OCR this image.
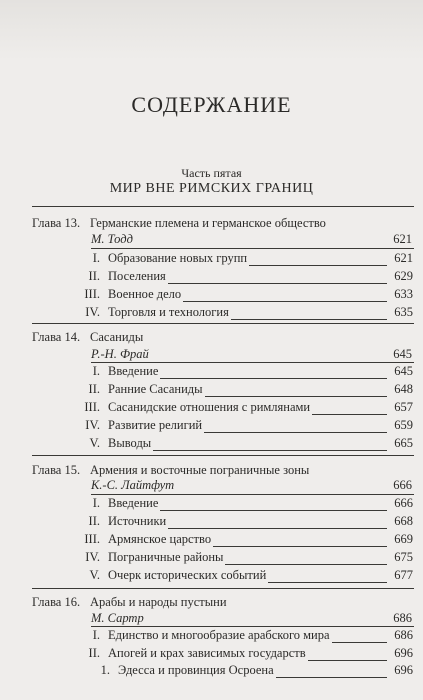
СОДЕРЖАНИЕ
Часть пятая
МИР ВНЕ РИМСКИХ ГРАНИЦ
Глава 13. Германские племена и германское общество
М. Тодд	621
I. Образование новых групп	621
II. Поселения	629
III. Военное дело	633
IV. Торговля и технология	635
Глава 14. Сасаниды
Р.-Н. Фрай	645
I. Введение	645
II. Ранние Сасаниды	648
III. Сасанидские отношения с римлянами	657
IV. Развитие религий	659
V. Выводы	665
Глава 15. Армения и восточные пограничные зоны
К.-С. Лайтфут	666
I. Введение	666
II. Источники	668
III. Армянское царство	669
IV. Пограничные районы	675
V. Очерк исторических событий	677
Глава 16. Арабы и народы пустыни
М. Сартр	686
I. Единство и многообразие арабского мира	686
II. Апогей и крах зависимых государств	696
1. Эдесса и провинция Осроена	696
